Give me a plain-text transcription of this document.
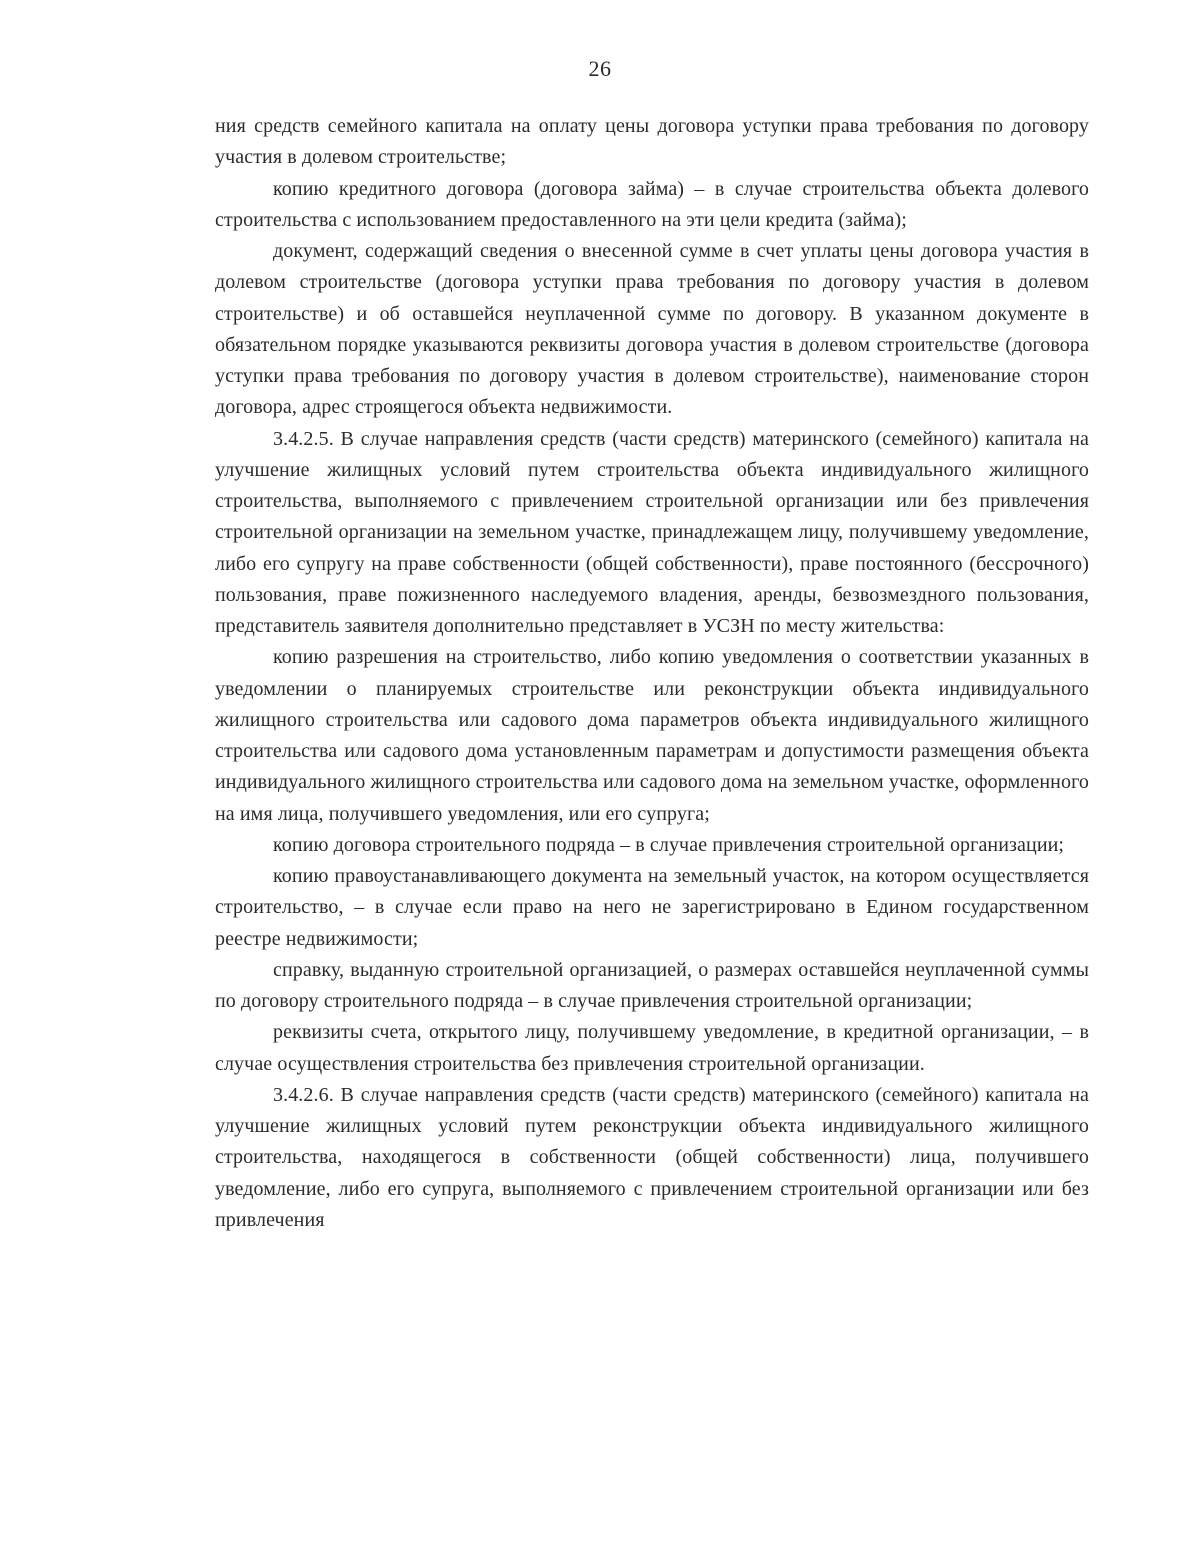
26

ния средств семейного капитала на оплату цены договора уступки права требования по договору участия в долевом строительстве;

копию кредитного договора (договора займа) – в случае строительства объекта долевого строительства с использованием предоставленного на эти цели кредита (займа);

документ, содержащий сведения о внесенной сумме в счет уплаты цены договора участия в долевом строительстве (договора уступки права требования по договору участия в долевом строительстве) и об оставшейся неуплаченной сумме по договору. В указанном документе в обязательном порядке указываются реквизиты договора участия в долевом строительстве (договора уступки права требования по договору участия в долевом строительстве), наименование сторон договора, адрес строящегося объекта недвижимости.

3.4.2.5. В случае направления средств (части средств) материнского (семейного) капитала на улучшение жилищных условий путем строительства объекта индивидуального жилищного строительства, выполняемого с привлечением строительной организации или без привлечения строительной организации на земельном участке, принадлежащем лицу, получившему уведомление, либо его супругу на праве собственности (общей собственности), праве постоянного (бессрочного) пользования, праве пожизненного наследуемого владения, аренды, безвозмездного пользования, представитель заявителя дополнительно представляет в УСЗН по месту жительства:

копию разрешения на строительство, либо копию уведомления о соответствии указанных в уведомлении о планируемых строительстве или реконструкции объекта индивидуального жилищного строительства или садового дома параметров объекта индивидуального жилищного строительства или садового дома установленным параметрам и допустимости размещения объекта индивидуального жилищного строительства или садового дома на земельном участке, оформленного на имя лица, получившего уведомления, или его супруга;

копию договора строительного подряда – в случае привлечения строительной организации;

копию правоустанавливающего документа на земельный участок, на котором осуществляется строительство, – в случае если право на него не зарегистрировано в Едином государственном реестре недвижимости;

справку, выданную строительной организацией, о размерах оставшейся неуплаченной суммы по договору строительного подряда – в случае привлечения строительной организации;

реквизиты счета, открытого лицу, получившему уведомление, в кредитной организации, – в случае осуществления строительства без привлечения строительной организации.

3.4.2.6. В случае направления средств (части средств) материнского (семейного) капитала на улучшение жилищных условий путем реконструкции объекта индивидуального жилищного строительства, находящегося в собственности (общей собственности) лица, получившего уведомление, либо его супруга, выполняемого с привлечением строительной организации или без привлечения
